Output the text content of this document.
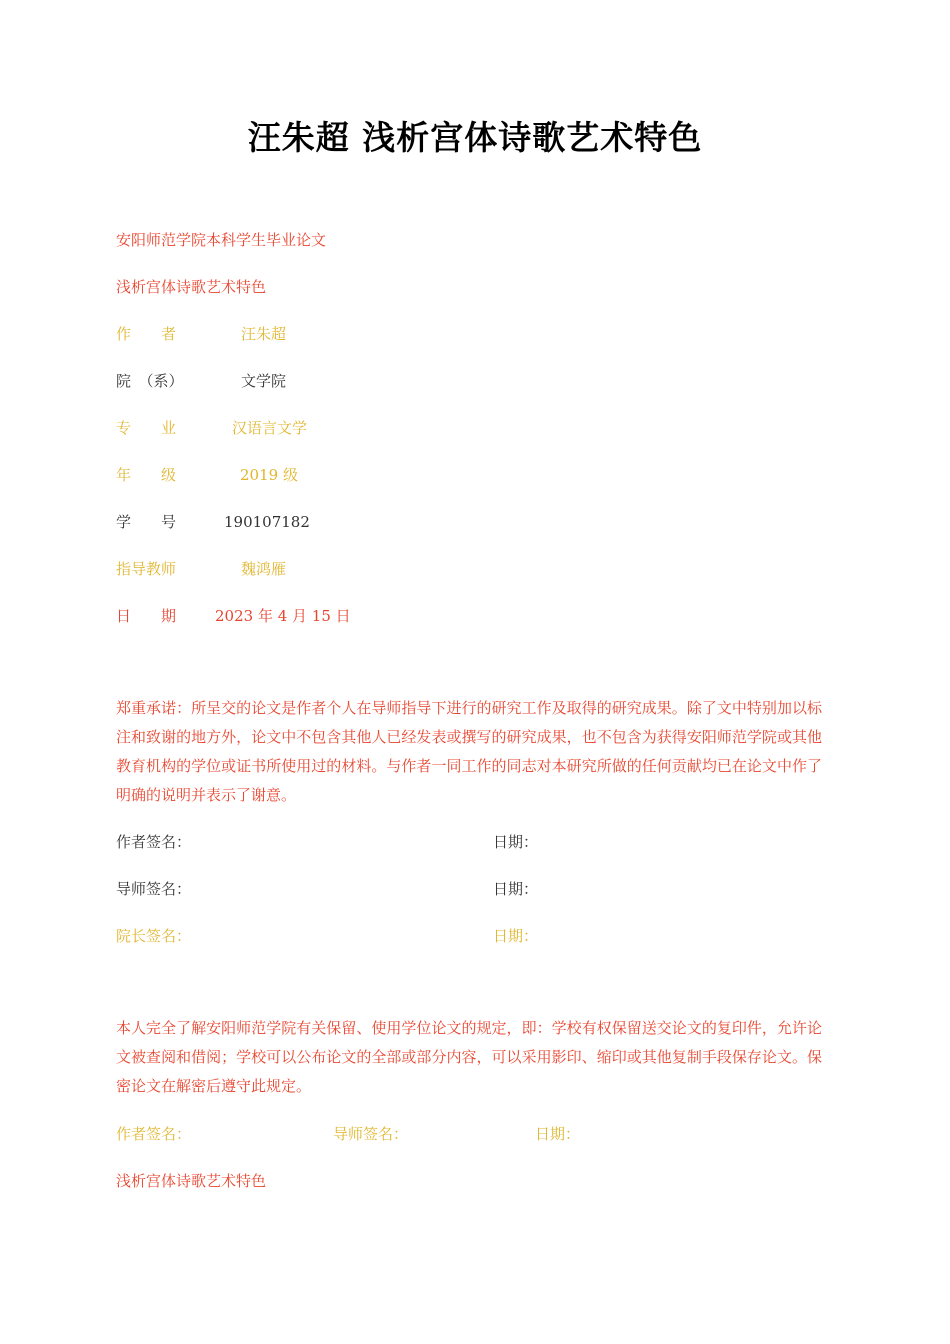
汪朱超 浅析宫体诗歌艺术特色
安阳师范学院本科学生毕业论文
浅析宫体诗歌艺术特色
作　　者	汪朱超
院　（系）	文学院
专　　业	汉语言文学
年　　级	2019 级
学　　号	190107182
指导教师	魏鸿雁
日　　期	2023 年 4 月 15 日
郑重承诺：所呈交的论文是作者个人在导师指导下进行的研究工作及取得的研究成果。除了文中特别加以标注和致谢的地方外，论文中不包含其他人已经发表或撰写的研究成果，也不包含为获得安阳师范学院或其他教育机构的学位或证书所使用过的材料。与作者一同工作的同志对本研究所做的任何贡献均已在论文中作了明确的说明并表示了谢意。
作者签名：	日期：
导师签名：	日期：
院长签名：	日期：
本人完全了解安阳师范学院有关保留、使用学位论文的规定，即：学校有权保留送交论文的复印件，允许论文被查阅和借阅；学校可以公布论文的全部或部分内容，可以采用影印、缩印或其他复制手段保存论文。保密论文在解密后遵守此规定。
作者签名：	导师签名：	日期：
浅析宫体诗歌艺术特色
